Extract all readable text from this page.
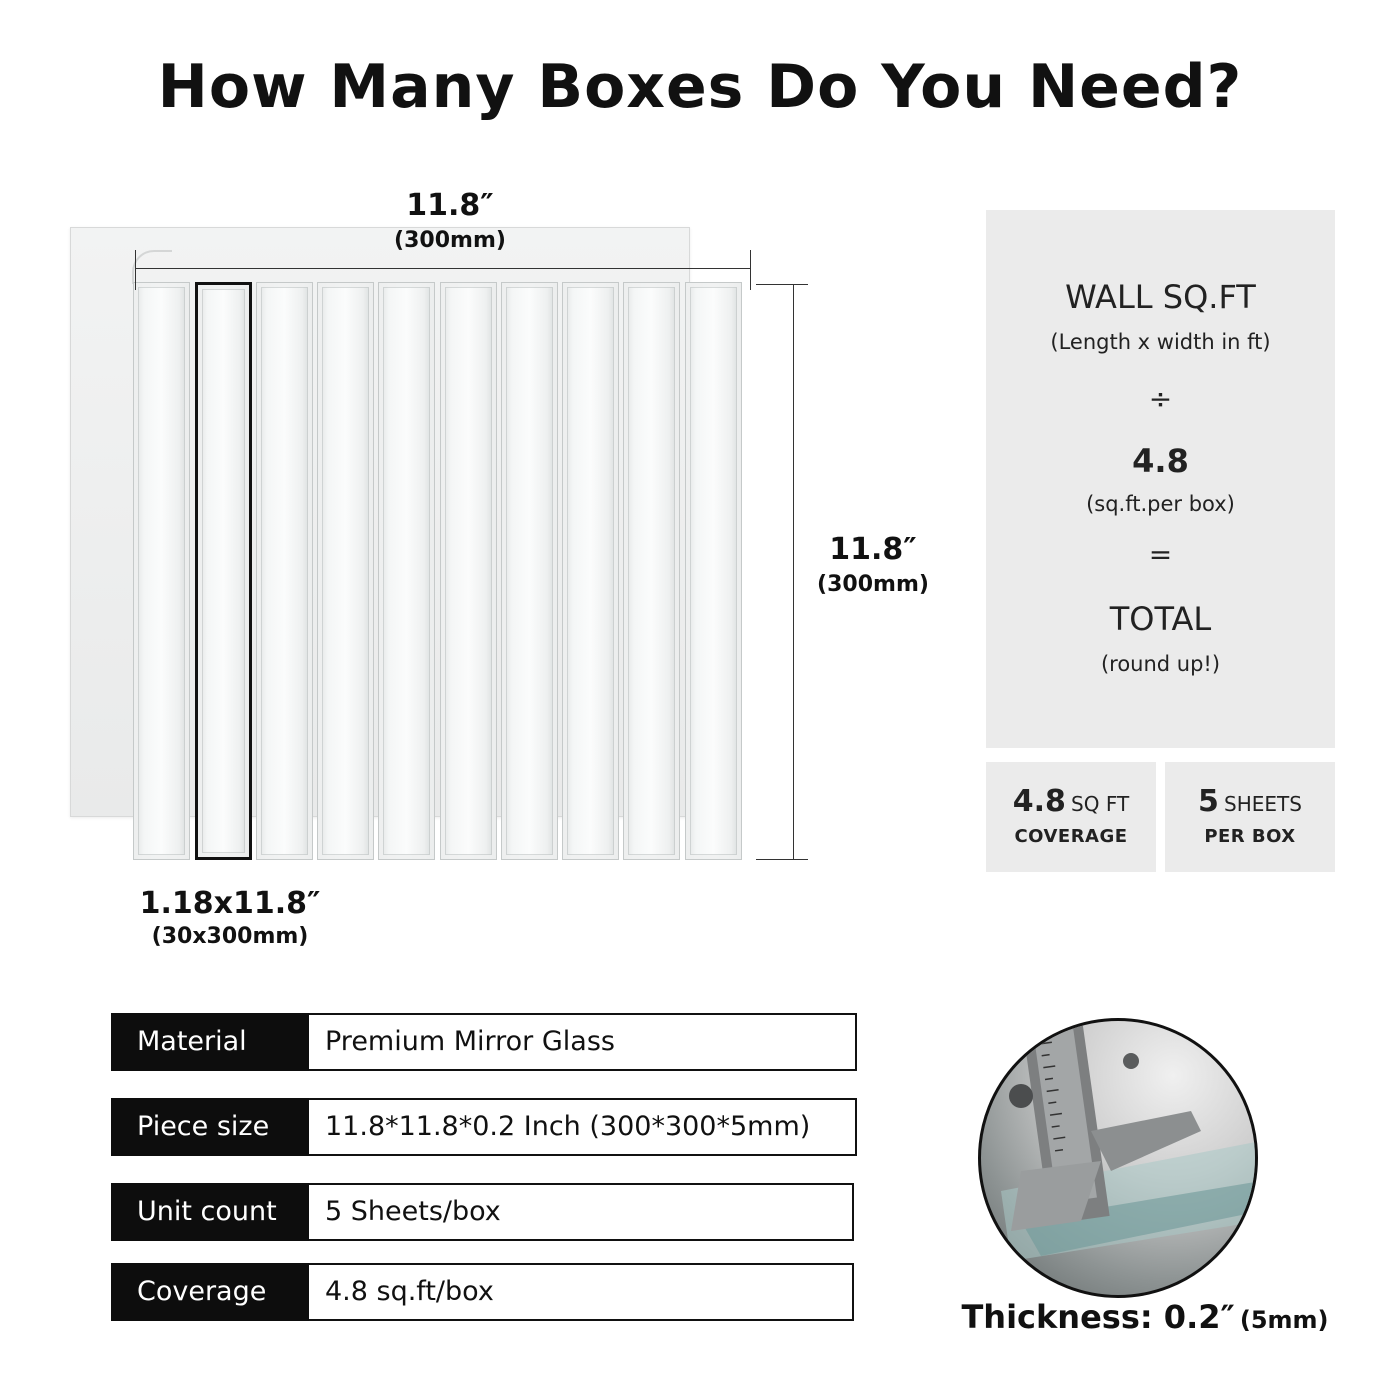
How Many Boxes Do You Need?
11.8″
(300mm)
11.8″
(300mm)
1.18x11.8″
(30x300mm)
WALL SQ.FT
(Length x width in ft)
÷
4.8
(sq.ft.per box)
=
TOTAL
(round up!)
4.8 SQ FT
COVERAGE
5 SHEETS
PER BOX
Material	Premium Mirror Glass
Piece size	11.8*11.8*0.2 Inch (300*300*5mm)
Unit count	5 Sheets/box
Coverage	4.8 sq.ft/box
Thickness: 0.2″ (5mm)
